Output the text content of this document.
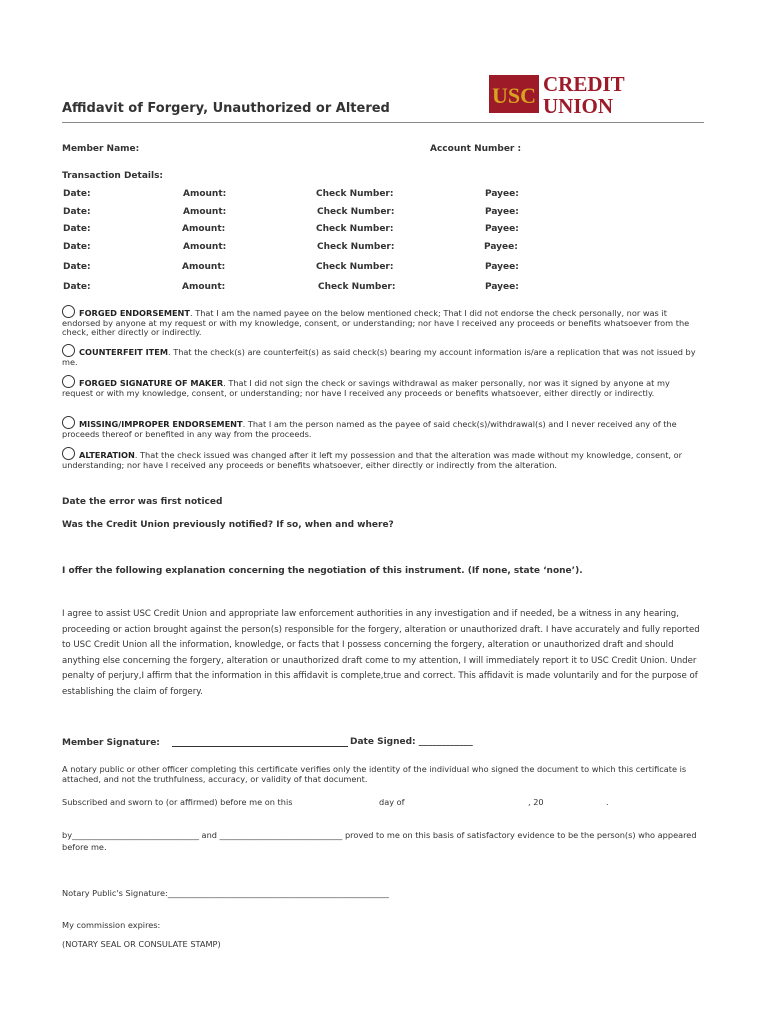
Affidavit of Forgery, Unauthorized or Altered
USC CREDIT
UNION
Member Name:	Account Number :
Transaction Details:
Date:	Amount:	Check Number:	Payee:
Date:	Amount:	Check Number:	Payee:
Date:	Amount:	Check Number:	Payee:
Date:	Amount:	Check Number:	Payee:
Date:	Amount:	Check Number:	Payee:
Date:	Amount:	Check Number:	Payee:
FORGED ENDORSEMENT. That I am the named payee on the below mentioned check; That I did not endorse the check personally, nor was it endorsed by anyone at my request or with my knowledge, consent, or understanding; nor have I received any proceeds or benefits whatsoever from the check, either directly or indirectly.
COUNTERFEIT ITEM. That the check(s) are counterfeit(s) as said check(s) bearing my account information is/are a replication that was not issued by me.
FORGED SIGNATURE OF MAKER. That I did not sign the check or savings withdrawal as maker personally, nor was it signed by anyone at my request or with my knowledge, consent, or understanding; nor have I received any proceeds or benefits whatsoever, either directly or indirectly.
MISSING/IMPROPER ENDORSEMENT. That I am the person named as the payee of said check(s)/withdrawal(s) and I never received any of the proceeds thereof or benefited in any way from the proceeds.
ALTERATION. That the check issued was changed after it left my possession and that the alteration was made without my knowledge, consent, or understanding; nor have I received any proceeds or benefits whatsoever, either directly or indirectly from the alteration.
Date the error was first noticed
Was the Credit Union previously notified? If so, when and where?
I offer the following explanation concerning the negotiation of this instrument. (If none, state ‘none’).
I agree to assist USC Credit Union and appropriate law enforcement authorities in any investigation and if needed, be a witness in any hearing, proceeding or action brought against the person(s) responsible for the forgery, alteration or unauthorized draft. I have accurately and fully reported to USC Credit Union all the information, knowledge, or facts that I possess concerning the forgery, alteration or unauthorized draft and should anything else concerning the forgery, alteration or unauthorized draft come to my attention, I will immediately report it to USC Credit Union. Under penalty of perjury,I affirm that the information in this affidavit is complete,true and correct. This affidavit is made voluntarily and for the purpose of establishing the claim of forgery.
Member Signature:	Date Signed: ____________
A notary public or other officer completing this certificate verifies only the identity of the individual who signed the document to which this certificate is attached, and not the truthfulness, accuracy, or validity of that document.
Subscribed and sworn to (or affirmed) before me on this	day of	, 20	.
by_______________________________ and ______________________________ proved to me on this basis of satisfactory evidence to be the person(s) who appeared before me.
Notary Public's Signature:______________________________________________________
My commission expires:
(NOTARY SEAL OR CONSULATE STAMP)
